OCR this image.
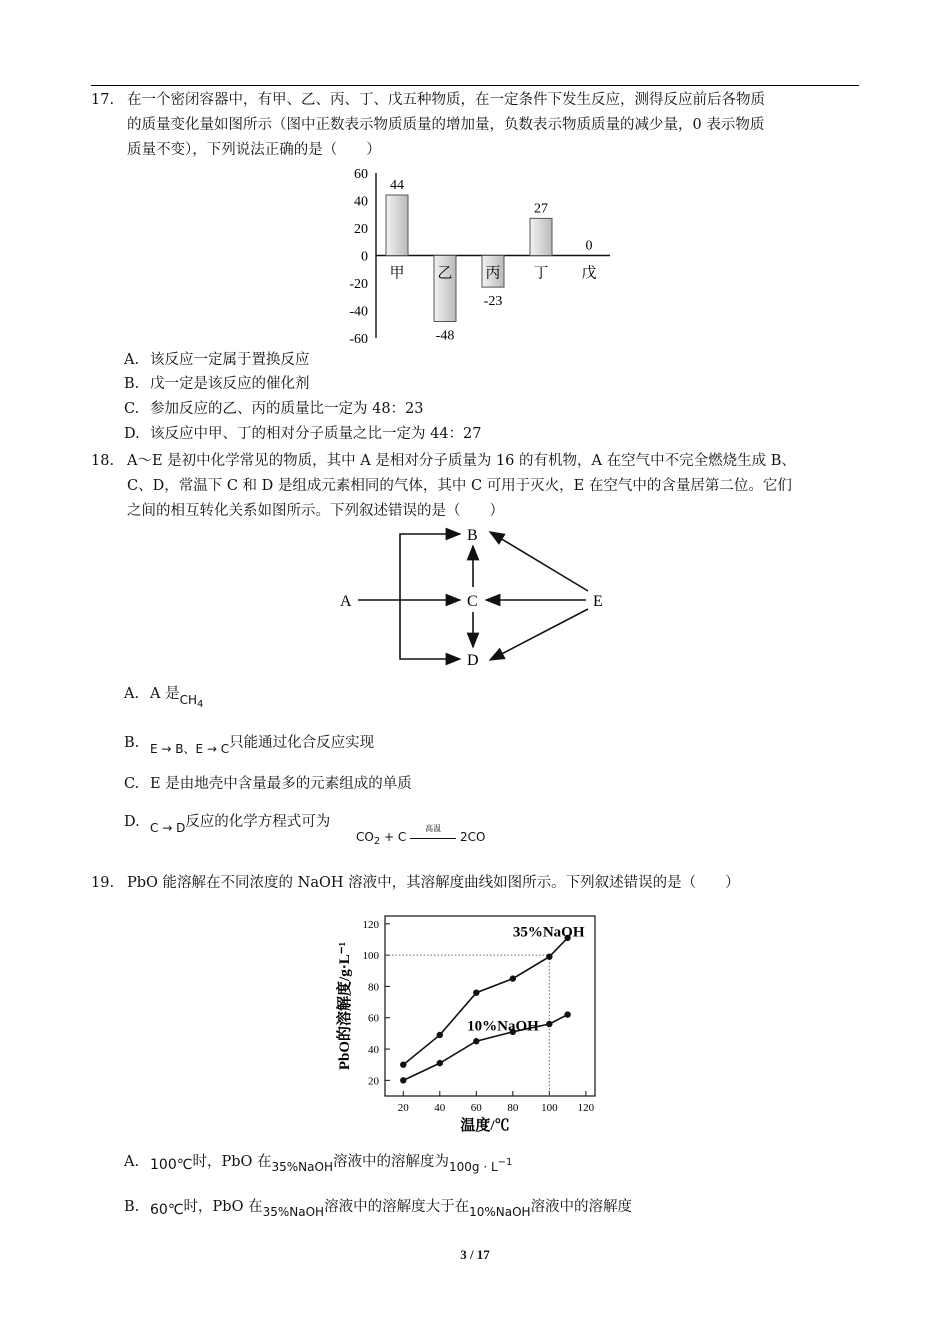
17. 在一个密闭容器中，有甲、乙、丙、丁、戊五种物质，在一定条件下发生反应，测得反应前后各物质
的质量变化量如图所示（图中正数表示物质质量的增加量，负数表示物质质量的减少量，0 表示物质
质量不变），下列说法正确的是（　　）
60
40
20
0
-20
-40
-60
44
甲
-48
乙
-23
丙
27
丁
0
戊
A. 该反应一定属于置换反应
B. 戊一定是该反应的催化剂
C. 参加反应的乙、丙的质量比一定为 48：23
D. 该反应中甲、丁的相对分子质量之比一定为 44：27
18. A～E 是初中化学常见的物质，其中 A 是相对分子质量为 16 的有机物，A 在空气中不完全燃烧生成 B、
C、D，常温下 C 和 D 是组成元素相同的气体，其中 C 可用于灭火，E 在空气中的含量居第二位。它们
之间的相互转化关系如图所示。下列叙述错误的是（　　）
A
B
C
D
E
A. A 是$_{CH_4}$
B. $_{E \to B、E \to C}$只能通过化合反应实现
C. E 是由地壳中含量最多的元素组成的单质
D. $_{C \to D}$反应的化学方程式可为
$CO_2 + C$
高温
2CO
19. PbO 能溶解在不同浓度的 NaOH 溶液中，其溶解度曲线如图所示。下列叙述错误的是（　　）
20
40
60
80
100
120
20 40 60 80 100 120
温度/℃
PbO的溶解度/g·L⁻¹
35%NaOH
10%NaOH
A. 100℃时，PbO 在$_{35\%NaOH}$溶液中的溶解度为$_{100g \cdot L^{-1}}$
B. 60℃时，PbO 在$_{35\%NaOH}$溶液中的溶解度大于在$_{10\%NaOH}$溶液中的溶解度
3 / 17
